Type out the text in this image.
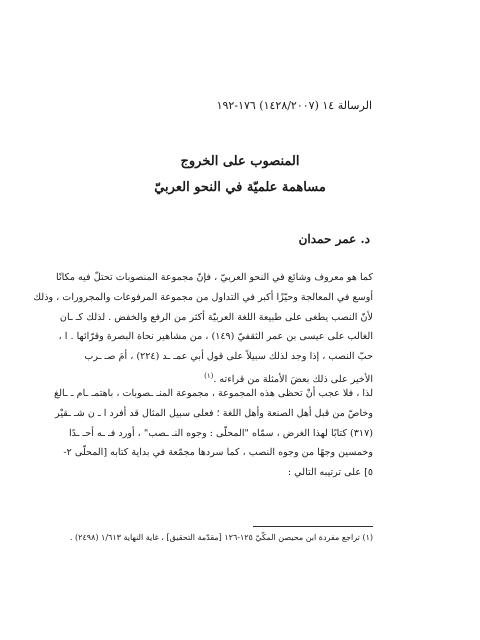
الرسالة ١٤ (١٤٢٨/٢٠٠٧) ١٧٦-١٩٢
المنصوب على الخروج
مساهمة علميّة في النحو العربيّ
د. عمر حمدان
كما هو معروف وشائع في النحو العربيّ ، فإنّ مجموعة المنصوبات تحتلّ فيه مكانًا
أوسع في المعالجة وحيّزًا أكبر في التداول من مجموعة المرفوعات والمجرورات ، وذلك
لأنّ النصب يطغى على طبيعة اللغة العربيّة أكثر من الرفع والخفض . لذلك كـ ـان
الغالب على عيسى بن عمر الثقفيّ (١٤٩) ، من مشاهير نحاة البصرة وقرّائها . ا ،
حبّ النصب ، إذا وجد لذلك سبيلاً على قول أبي عمـ ـد (٢٢٤) ، أمَ صـ ـرب
الأخير على ذلك بعضَ الأمثلة من قراءته .$^{(١)}$
لذا ، فلا عجب أنْ تحظى هذه المجموعة ، مجموعة المنـ ـصوبات ، باهتمـ ـام ـ ـالغ
وخاصّ من قبل أهل الصنعة وأهل اللغة ؛ فعلى سبيل المثال قد أفرد ا ـ ن شـ ـقيْر
(٣١٧) كتابًا لهذا الغرض ، سمّاه "المحلّى : وجوه النـ ـصب" ، أورد فـ ـه أحـ ـدًا
وخمسين وجهًا من وجوه النصب ، كما سردها مجمّعة في بداية كتابه [المحلّى ٢-
٥] على ترتيبه التالي :
(١) تراجع مفردة ابن محيصن المكّيّ ١٢٥-١٢٦ [مقدّمة التحقيق] ، غاية النهاية ١/٦١٣ (٢٤٩٨) .
